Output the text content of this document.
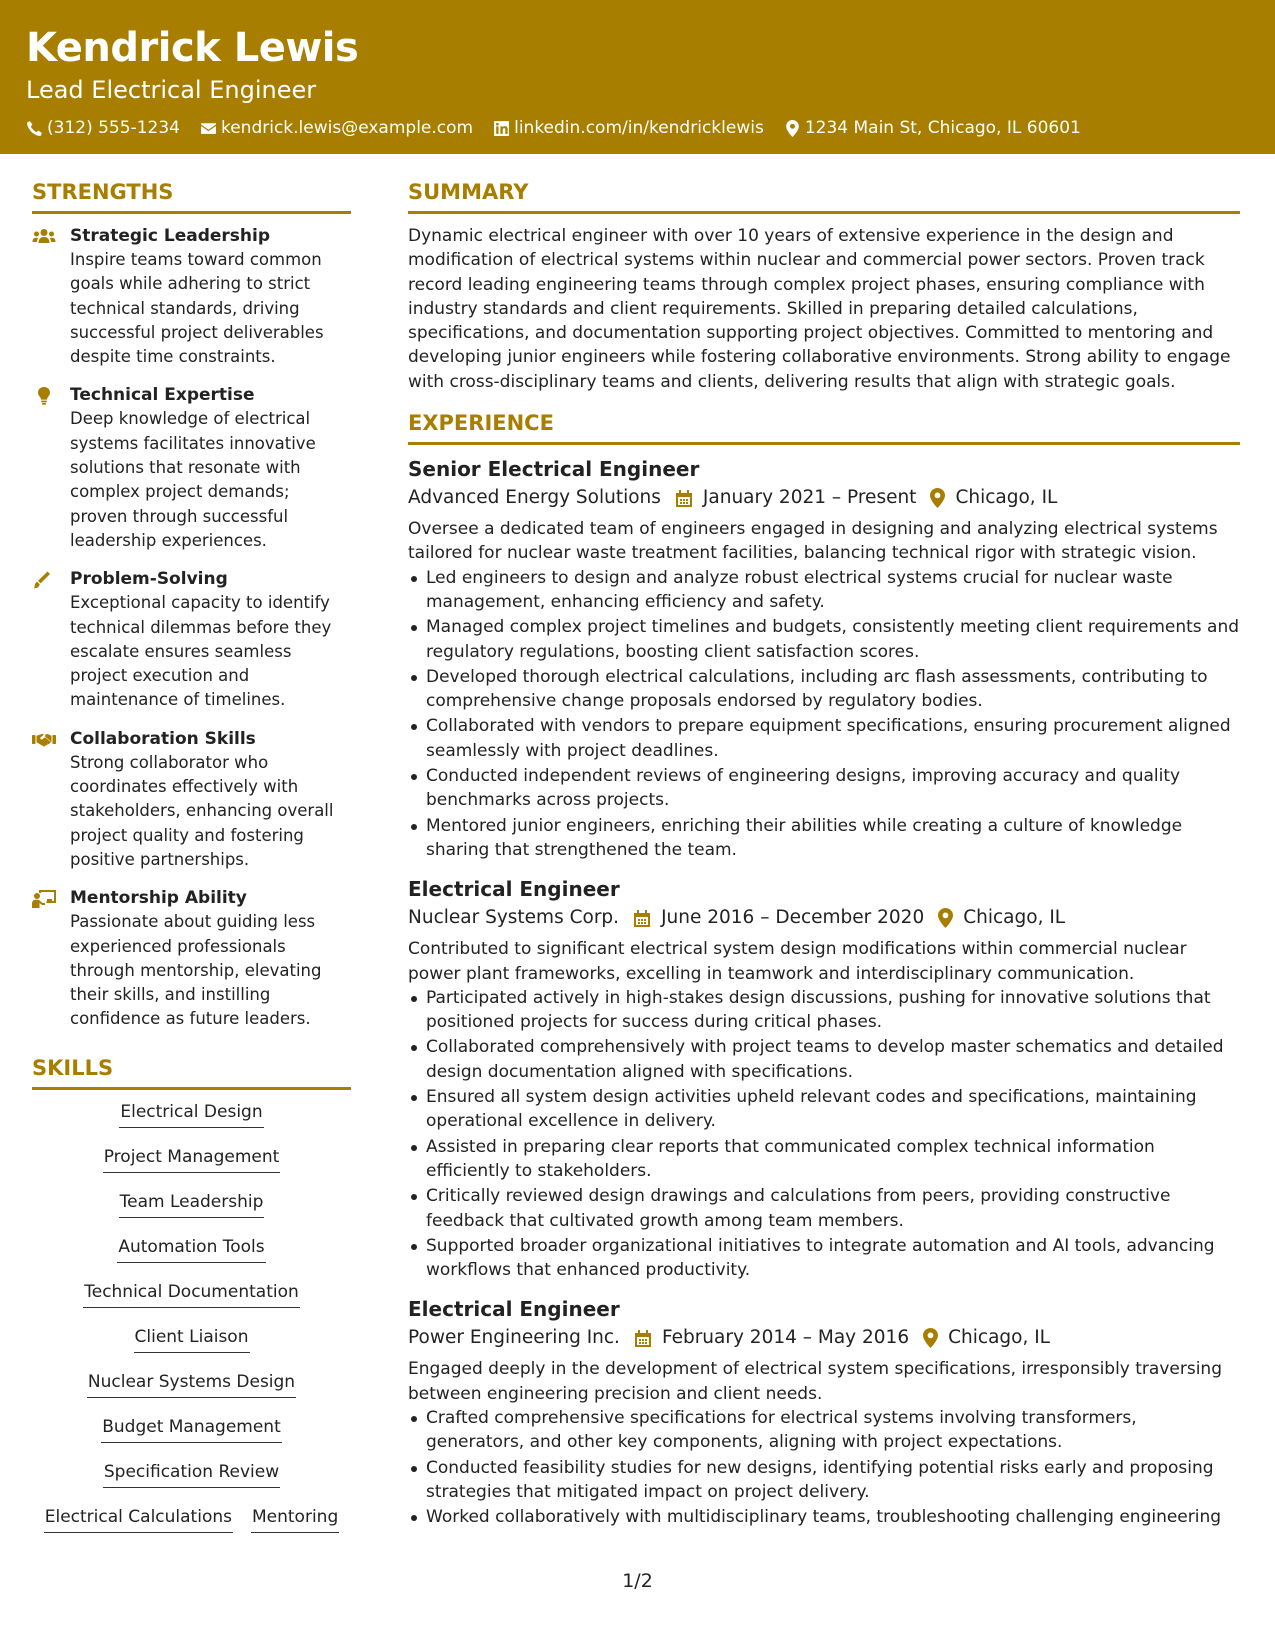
Kendrick Lewis
Lead Electrical Engineer
(312) 555-1234 kendrick.lewis@example.com linkedin.com/in/kendricklewis 1234 Main St, Chicago, IL 60601
STRENGTHS
Strategic Leadership
Inspire teams toward common goals while adhering to strict technical standards, driving successful project deliverables despite time constraints.
Technical Expertise
Deep knowledge of electrical systems facilitates innovative solutions that resonate with complex project demands; proven through successful leadership experiences.
Problem-Solving
Exceptional capacity to identify technical dilemmas before they escalate ensures seamless project execution and maintenance of timelines.
Collaboration Skills
Strong collaborator who coordinates effectively with stakeholders, enhancing overall project quality and fostering positive partnerships.
Mentorship Ability
Passionate about guiding less experienced professionals through mentorship, elevating their skills, and instilling confidence as future leaders.
SKILLS
Electrical Design
Project Management
Team Leadership
Automation Tools
Technical Documentation
Client Liaison
Nuclear Systems Design
Budget Management
Specification Review
Electrical Calculations Mentoring
SUMMARY
Dynamic electrical engineer with over 10 years of extensive experience in the design and modification of electrical systems within nuclear and commercial power sectors. Proven track record leading engineering teams through complex project phases, ensuring compliance with industry standards and client requirements. Skilled in preparing detailed calculations, specifications, and documentation supporting project objectives. Committed to mentoring and developing junior engineers while fostering collaborative environments. Strong ability to engage with cross-disciplinary teams and clients, delivering results that align with strategic goals.
EXPERIENCE
Senior Electrical Engineer
Advanced Energy Solutions January 2021 – Present Chicago, IL
Oversee a dedicated team of engineers engaged in designing and analyzing electrical systems tailored for nuclear waste treatment facilities, balancing technical rigor with strategic vision.
Led engineers to design and analyze robust electrical systems crucial for nuclear waste management, enhancing efficiency and safety.
Managed complex project timelines and budgets, consistently meeting client requirements and regulatory regulations, boosting client satisfaction scores.
Developed thorough electrical calculations, including arc flash assessments, contributing to comprehensive change proposals endorsed by regulatory bodies.
Collaborated with vendors to prepare equipment specifications, ensuring procurement aligned seamlessly with project deadlines.
Conducted independent reviews of engineering designs, improving accuracy and quality benchmarks across projects.
Mentored junior engineers, enriching their abilities while creating a culture of knowledge sharing that strengthened the team.
Electrical Engineer
Nuclear Systems Corp. June 2016 – December 2020 Chicago, IL
Contributed to significant electrical system design modifications within commercial nuclear power plant frameworks, excelling in teamwork and interdisciplinary communication.
Participated actively in high-stakes design discussions, pushing for innovative solutions that positioned projects for success during critical phases.
Collaborated comprehensively with project teams to develop master schematics and detailed design documentation aligned with specifications.
Ensured all system design activities upheld relevant codes and specifications, maintaining operational excellence in delivery.
Assisted in preparing clear reports that communicated complex technical information efficiently to stakeholders.
Critically reviewed design drawings and calculations from peers, providing constructive feedback that cultivated growth among team members.
Supported broader organizational initiatives to integrate automation and AI tools, advancing workflows that enhanced productivity.
Electrical Engineer
Power Engineering Inc. February 2014 – May 2016 Chicago, IL
Engaged deeply in the development of electrical system specifications, irresponsibly traversing between engineering precision and client needs.
Crafted comprehensive specifications for electrical systems involving transformers, generators, and other key components, aligning with project expectations.
Conducted feasibility studies for new designs, identifying potential risks early and proposing strategies that mitigated impact on project delivery.
Worked collaboratively with multidisciplinary teams, troubleshooting challenging engineering
1/2
